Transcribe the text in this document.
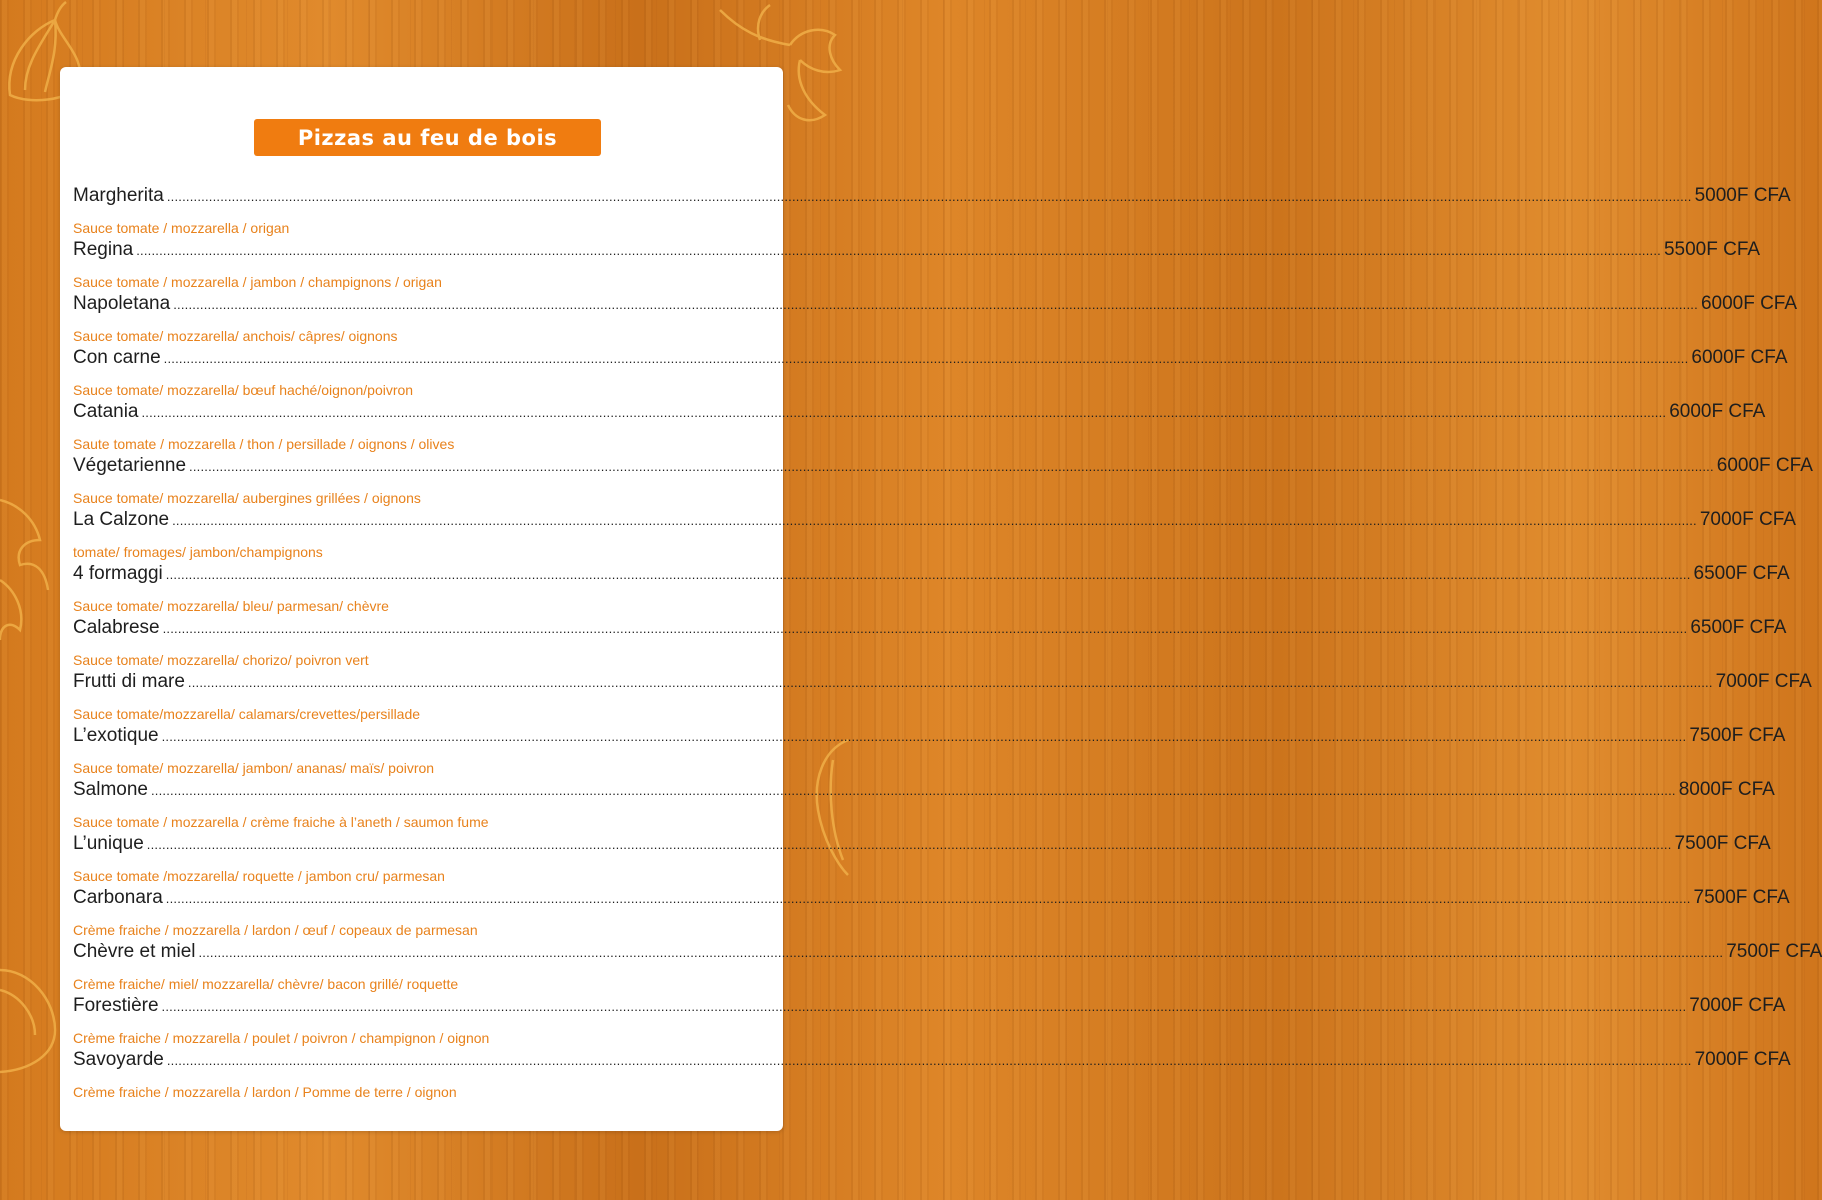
Pizzas au feu de bois
Margherita ................................................................................................................................................................................................................................................................................................................................................................................................................ 5000F CFA
Sauce tomate / mozzarella / origan
Regina ................................................................................................................................................................................................................................................................................................................................................................................................................ 5500F CFA
Sauce tomate / mozzarella / jambon / champignons / origan
Napoletana ................................................................................................................................................................................................................................................................................................................................................................................................................ 6000F CFA
Sauce tomate/ mozzarella/ anchois/ câpres/ oignons
Con carne ................................................................................................................................................................................................................................................................................................................................................................................................................ 6000F CFA
Sauce tomate/ mozzarella/ bœuf haché/oignon/poivron
Catania ................................................................................................................................................................................................................................................................................................................................................................................................................ 6000F CFA
Saute tomate / mozzarella / thon / persillade / oignons / olives
Végetarienne ................................................................................................................................................................................................................................................................................................................................................................................................................ 6000F CFA
Sauce tomate/ mozzarella/ aubergines grillées / oignons
La Calzone ................................................................................................................................................................................................................................................................................................................................................................................................................ 7000F CFA
tomate/ fromages/ jambon/champignons
4 formaggi ................................................................................................................................................................................................................................................................................................................................................................................................................ 6500F CFA
Sauce tomate/ mozzarella/ bleu/ parmesan/ chèvre
Calabrese ................................................................................................................................................................................................................................................................................................................................................................................................................ 6500F CFA
Sauce tomate/ mozzarella/ chorizo/ poivron vert
Frutti di mare ................................................................................................................................................................................................................................................................................................................................................................................................................ 7000F CFA
Sauce tomate/mozzarella/ calamars/crevettes/persillade
L’exotique ................................................................................................................................................................................................................................................................................................................................................................................................................ 7500F CFA
Sauce tomate/ mozzarella/ jambon/ ananas/ maïs/ poivron
Salmone ................................................................................................................................................................................................................................................................................................................................................................................................................ 8000F CFA
Sauce tomate / mozzarella / crème fraiche à l’aneth / saumon fume
L’unique ................................................................................................................................................................................................................................................................................................................................................................................................................ 7500F CFA
Sauce tomate /mozzarella/ roquette / jambon cru/ parmesan
Carbonara ................................................................................................................................................................................................................................................................................................................................................................................................................ 7500F CFA
Crème fraiche / mozzarella / lardon / œuf / copeaux de parmesan
Chèvre et miel ................................................................................................................................................................................................................................................................................................................................................................................................................ 7500F CFA
Crème fraiche/ miel/ mozzarella/ chèvre/ bacon grillé/ roquette
Forestière ................................................................................................................................................................................................................................................................................................................................................................................................................ 7000F CFA
Crème fraiche / mozzarella / poulet / poivron / champignon / oignon
Savoyarde ................................................................................................................................................................................................................................................................................................................................................................................................................ 7000F CFA
Crème fraiche / mozzarella / lardon / Pomme de terre / oignon
